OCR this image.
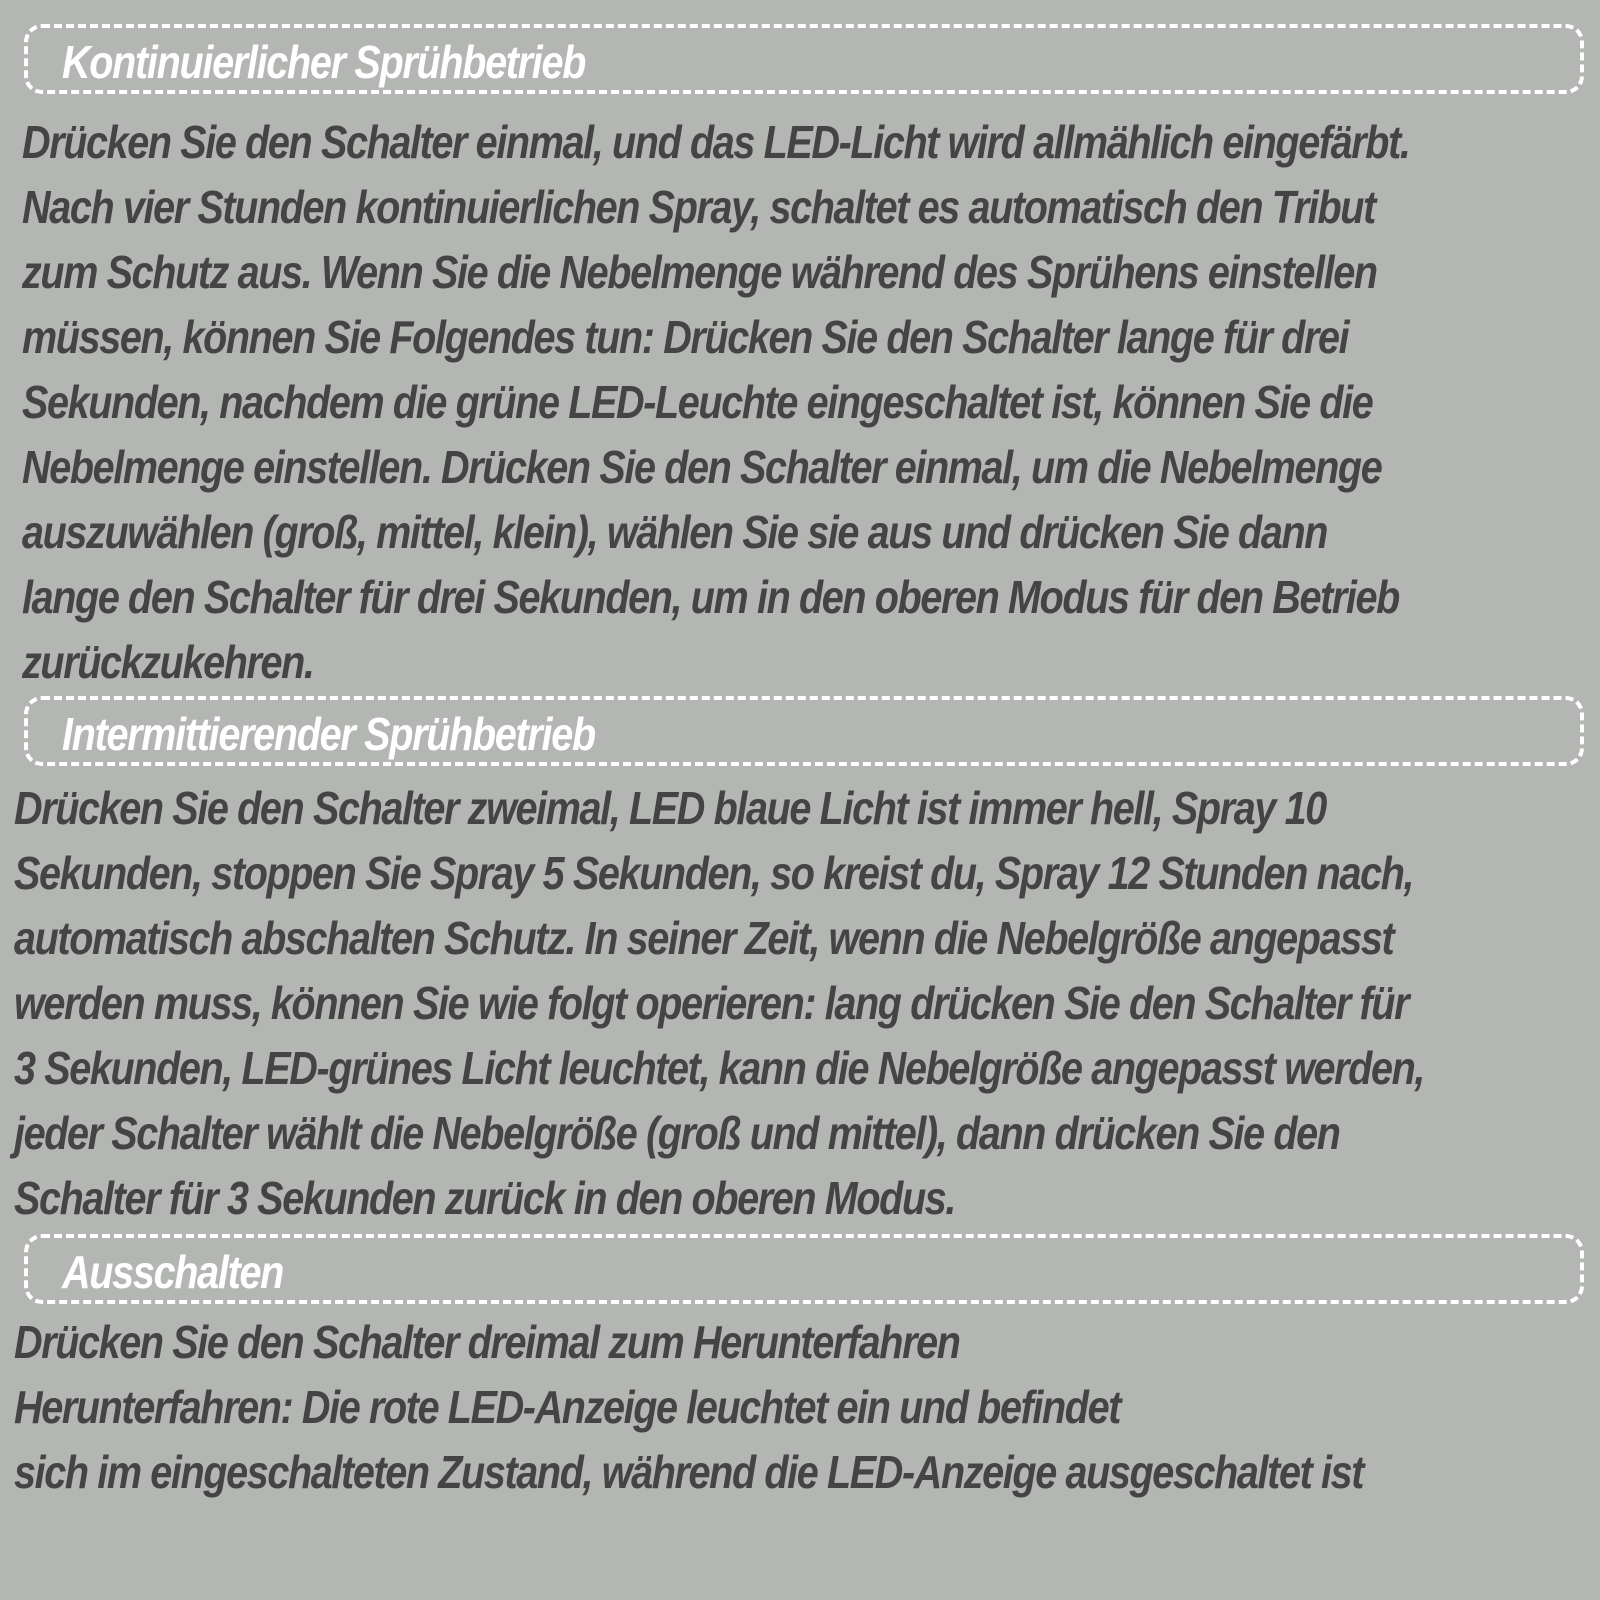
Kontinuierlicher Sprühbetrieb

Drücken Sie den Schalter einmal, und das LED-Licht wird allmählich eingefärbt.
Nach vier Stunden kontinuierlichen Spray, schaltet es automatisch den Tribut
zum Schutz aus. Wenn Sie die Nebelmenge während des Sprühens einstellen
müssen, können Sie Folgendes tun: Drücken Sie den Schalter lange für drei
Sekunden, nachdem die grüne LED-Leuchte eingeschaltet ist, können Sie die
Nebelmenge einstellen. Drücken Sie den Schalter einmal, um die Nebelmenge
auszuwählen (groß, mittel, klein), wählen Sie sie aus und drücken Sie dann
lange den Schalter für drei Sekunden, um in den oberen Modus für den Betrieb
zurückzukehren.

Intermittierender Sprühbetrieb

Drücken Sie den Schalter zweimal, LED blaue Licht ist immer hell, Spray 10
Sekunden, stoppen Sie Spray 5 Sekunden, so kreist du, Spray 12 Stunden nach,
automatisch abschalten Schutz. In seiner Zeit, wenn die Nebelgröße angepasst
werden muss, können Sie wie folgt operieren: lang drücken Sie den Schalter für
3 Sekunden, LED-grünes Licht leuchtet, kann die Nebelgröße angepasst werden,
jeder Schalter wählt die Nebelgröße (groß und mittel), dann drücken Sie den
Schalter für 3 Sekunden zurück in den oberen Modus.

Ausschalten

Drücken Sie den Schalter dreimal zum Herunterfahren
Herunterfahren: Die rote LED-Anzeige leuchtet ein und befindet
sich im eingeschalteten Zustand, während die LED-Anzeige ausgeschaltet ist
